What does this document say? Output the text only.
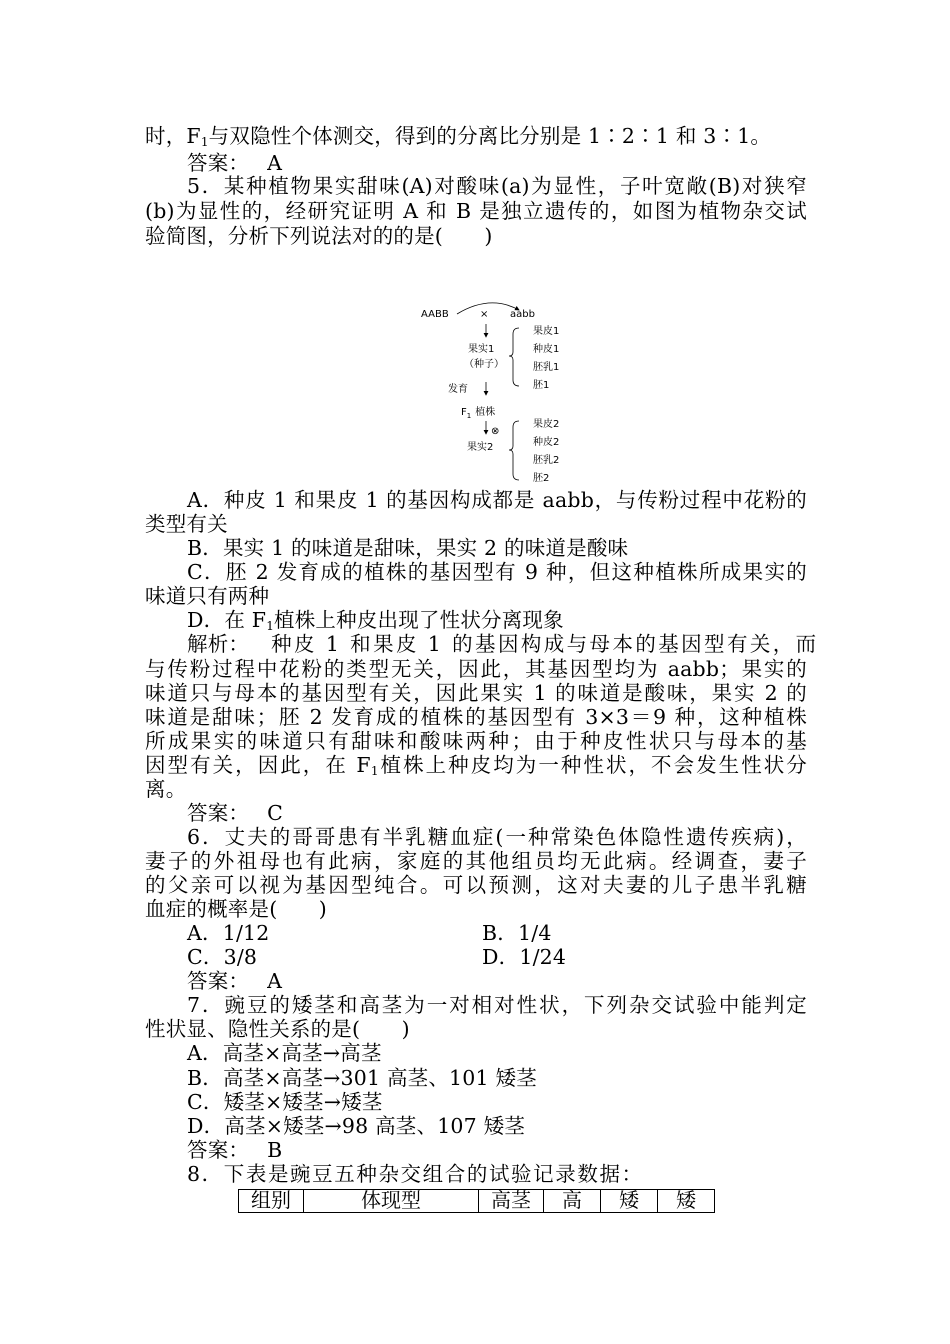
时，$F_1$与双隐性个体测交，得到的分离比分别是 1∶2∶1 和 3∶1。
答案： A
5．某种植物果实甜味(A)对酸味(a)为显性，子叶宽敞(B)对狭窄
(b)为显性的，经研究证明 A 和 B 是独立遗传的，如图为植物杂交试
验简图，分析下列说法对的的是(　　)
AABB	× aabb
果实1
（种子）
果皮1
种皮1
胚乳1
胚1
发育
$F_1$ 植株
⊗
果实2
果皮2
种皮2
胚乳2
胚2
A．种皮 1 和果皮 1 的基因构成都是 aabb，与传粉过程中花粉的
类型有关
B．果实 1 的味道是甜味，果实 2 的味道是酸味
C．胚 2 发育成的植株的基因型有 9 种，但这种植株所成果实的
味道只有两种
D．在 $F_1$植株上种皮出现了性状分离现象
解析： 种皮 1 和果皮 1 的基因构成与母本的基因型有关，而
与传粉过程中花粉的类型无关，因此，其基因型均为 aabb；果实的
味道只与母本的基因型有关，因此果实 1 的味道是酸味，果实 2 的
味道是甜味；胚 2 发育成的植株的基因型有 3×3＝9 种，这种植株
所成果实的味道只有甜味和酸味两种；由于种皮性状只与母本的基
因型有关，因此，在 $F_1$植株上种皮均为一种性状，不会发生性状分
离。
答案： C
6．丈夫的哥哥患有半乳糖血症(一种常染色体隐性遗传疾病)，
妻子的外祖母也有此病，家庭的其他组员均无此病。经调查，妻子
的父亲可以视为基因型纯合。可以预测，这对夫妻的儿子患半乳糖
血症的概率是(　　)
A．1/12	B．1/4
C．3/8	D．1/24
答案： A
7．豌豆的矮茎和高茎为一对相对性状，下列杂交试验中能判定
性状显、隐性关系的是(　　)
A．高茎×高茎→高茎
B．高茎×高茎→301 高茎、101 矮茎
C．矮茎×矮茎→矮茎
D．高茎×矮茎→98 高茎、107 矮茎
答案： B
8．下表是豌豆五种杂交组合的试验记录数据：
组别	体现型	高茎	高	矮	矮
